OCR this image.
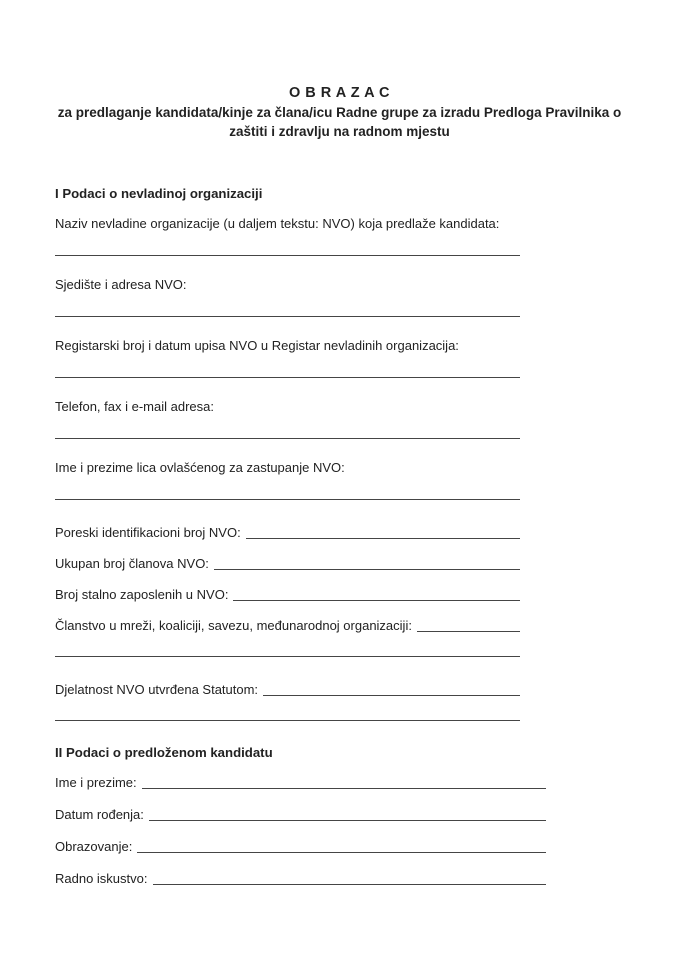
O B R A Z A C
za predlaganje kandidata/kinje za člana/icu Radne grupe za izradu Predloga Pravilnika o
zaštiti i zdravlju na radnom mjestu
I Podaci o nevladinoj organizaciji

Naziv nevladine organizacije (u daljem tekstu: NVO) koja predlaže kandidata:

Sjedište i adresa NVO:

Registarski broj i datum upisa NVO u Registar nevladinih organizacija:

Telefon, fax i e-mail adresa:

Ime i prezime lica ovlašćenog za zastupanje NVO:

Poreski identifikacioni broj NVO:
Ukupan broj članova NVO:
Broj stalno zaposlenih u NVO:
Članstvo u mreži, koaliciji, savezu, međunarodnoj organizaciji:
Djelatnost NVO utvrđena Statutom:
II Podaci o predloženom kandidatu
Ime i prezime:
Datum rođenja:
Obrazovanje:
Radno iskustvo:
